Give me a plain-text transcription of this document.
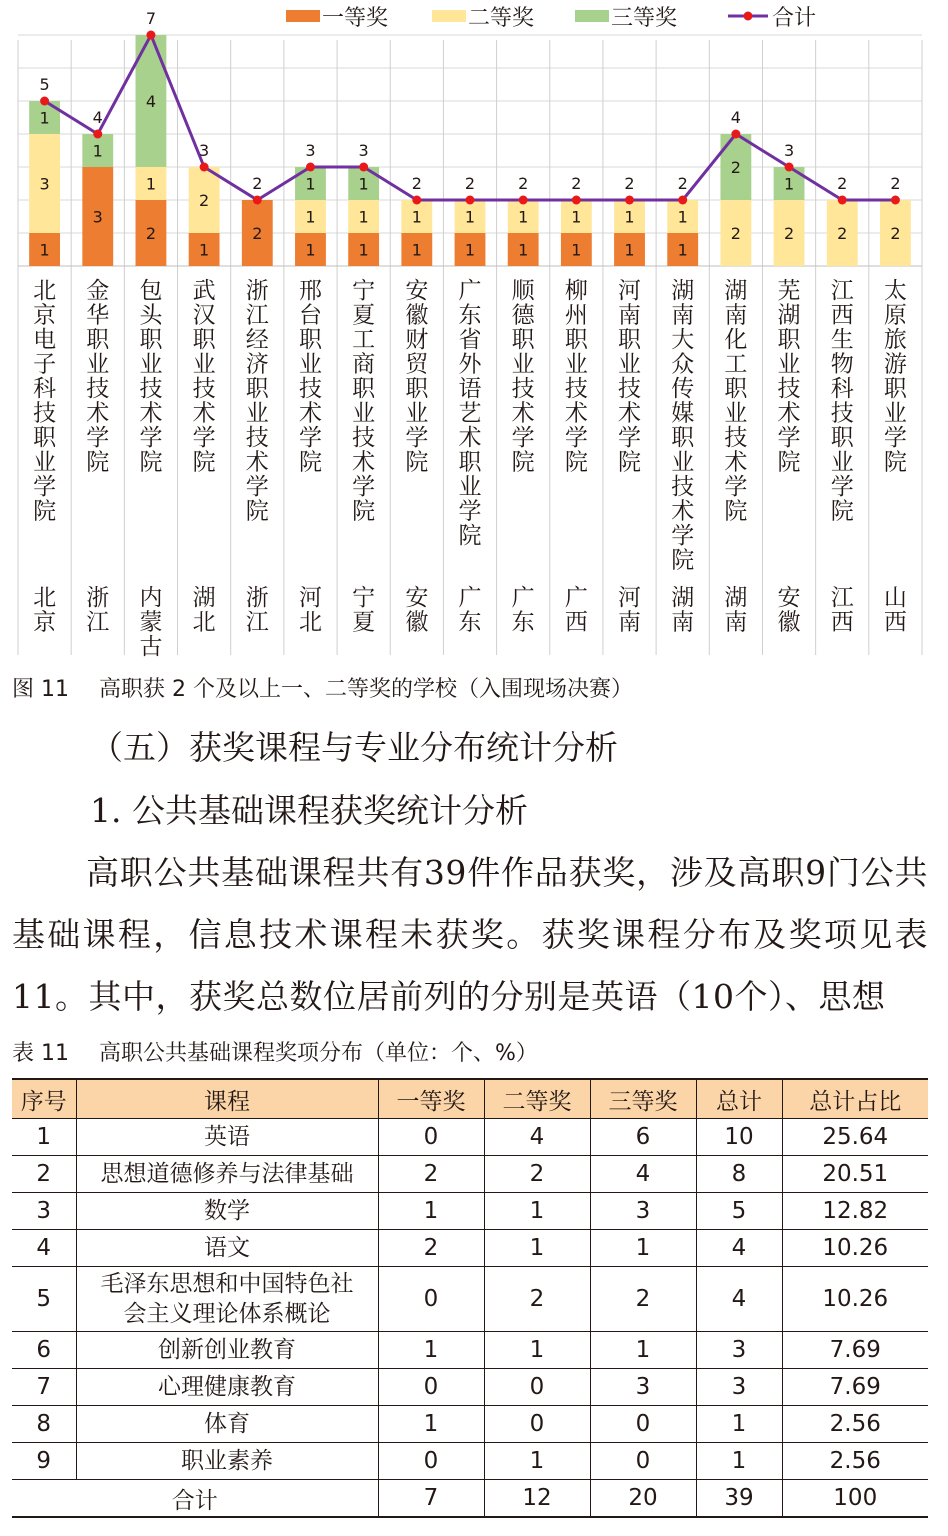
1
3
1
3
1
2
1
4
1
2
2
1
1
1
1
1
1
1
1
1
1
1
1
1
1
1
1
1
1
2
2
2
1
2	2
5
4
7
3
2
3	3
2	2	2	2	2	2
4
3
2	2
北
京
电
子
科
技
职
业
学
院
北
京
金
华
职
业
技
术
学
院
浙
江
包
头
职
业
技
术
学
院
内
蒙
古
武
汉
职
业
技
术
学
院
湖
北
浙
江
经
济
职
业
技
术
学
院
浙
江
邢
台
职
业
技
术
学
院
河
北
宁
夏
工
商
职
业
技
术
学
院
宁
夏
安
徽
财
贸
职
业
学
院
安
徽
广
东
省
外
语
艺
术
职
业
学
院
广
东
顺
德
职
业
技
术
学
院
广
东
柳
州
职
业
技
术
学
院
广
西
河
南
职
业
技
术
学
院
河
南
湖
南
大
众
传
媒
职
业
技
术
学
院
湖
南
湖
南
化
工
职
业
技
术
学
院
湖
南
芜
湖
职
业
技
术
学
院
安
徽
江
西
生
物
科
技
职
业
学
院
江
西
太
原
旅
游
职
业
学
院
山
西
一等奖	二等奖	三等奖	合计
图 11 高职获 2 个及以上一、二等奖的学校（入围现场决赛）
（五）获奖课程与专业分布统计分析
1. 公共基础课程获奖统计分析
高职公共基础课程共有39件作品获奖，涉及高职9门公共基础课程，信息技术课程未获奖。获奖课程分布及奖项见表11。其中，获奖总数位居前列的分别是英语（10个）、思想
表 11 高职公共基础课程奖项分布（单位：个、%）
序号	课程	一等奖	二等奖	三等奖	总计	总计占比
1	英语	0	4	6	10	25.64
2	思想道德修养与法律基础	2	2	4	8	20.51
3	数学	1	1	3	5	12.82
4	语文	2	1	1	4	10.26
5	毛泽东思想和中国特色社
会主义理论体系概论	0	2	2	4	10.26
6	创新创业教育	1	1	1	3	7.69
7	心理健康教育	0	0	3	3	7.69
8	体育	1	0	0	1	2.56
9	职业素养	0	1	0	1	2.56
合计		7	12	20	39	100
